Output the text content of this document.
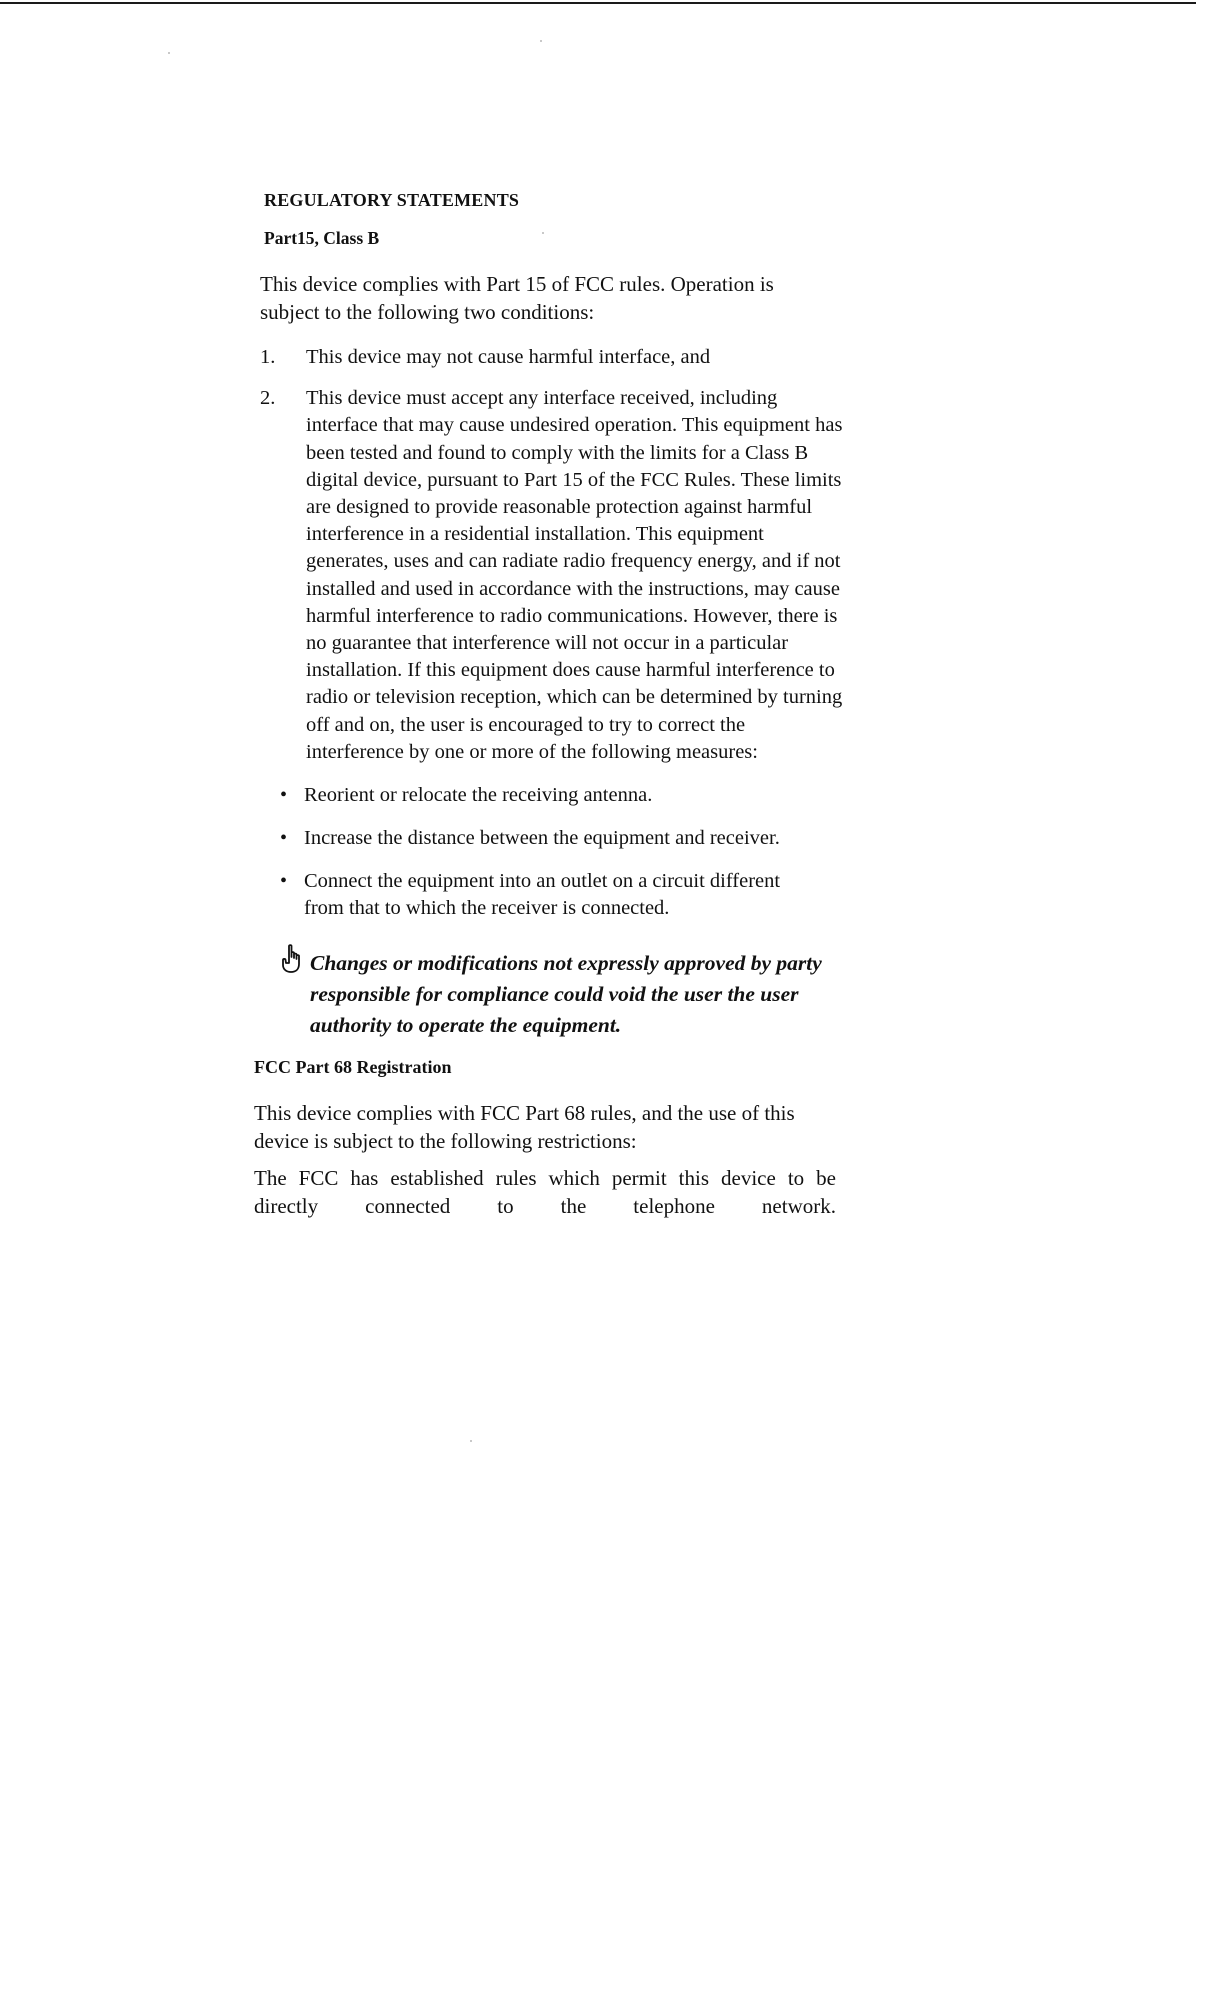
REGULATORY STATEMENTS
Part15, Class B
This device complies with Part 15 of FCC rules. Operation is subject to the following two conditions:
1. This device may not cause harmful interface, and
2. This device must accept any interface received, including interface that may cause undesired operation. This equipment has been tested and found to comply with the limits for a Class B digital device, pursuant to Part 15 of the FCC Rules. These limits are designed to provide reasonable protection against harmful interference in a residential installation. This equipment generates, uses and can radiate radio frequency energy, and if not installed and used in accordance with the instructions, may cause harmful interference to radio communications. However, there is no guarantee that interference will not occur in a particular installation. If this equipment does cause harmful interference to radio or television reception, which can be determined by turning off and on, the user is encouraged to try to correct the interference by one or more of the following measures:
• Reorient or relocate the receiving antenna.
• Increase the distance between the equipment and receiver.
• Connect the equipment into an outlet on a circuit different from that to which the receiver is connected.
Changes or modifications not expressly approved by party responsible for compliance could void the user the user authority to operate the equipment.
FCC Part 68 Registration
This device complies with FCC Part 68 rules, and the use of this device is subject to the following restrictions:
The FCC has established rules which permit this device to be directly connected to the telephone network.
